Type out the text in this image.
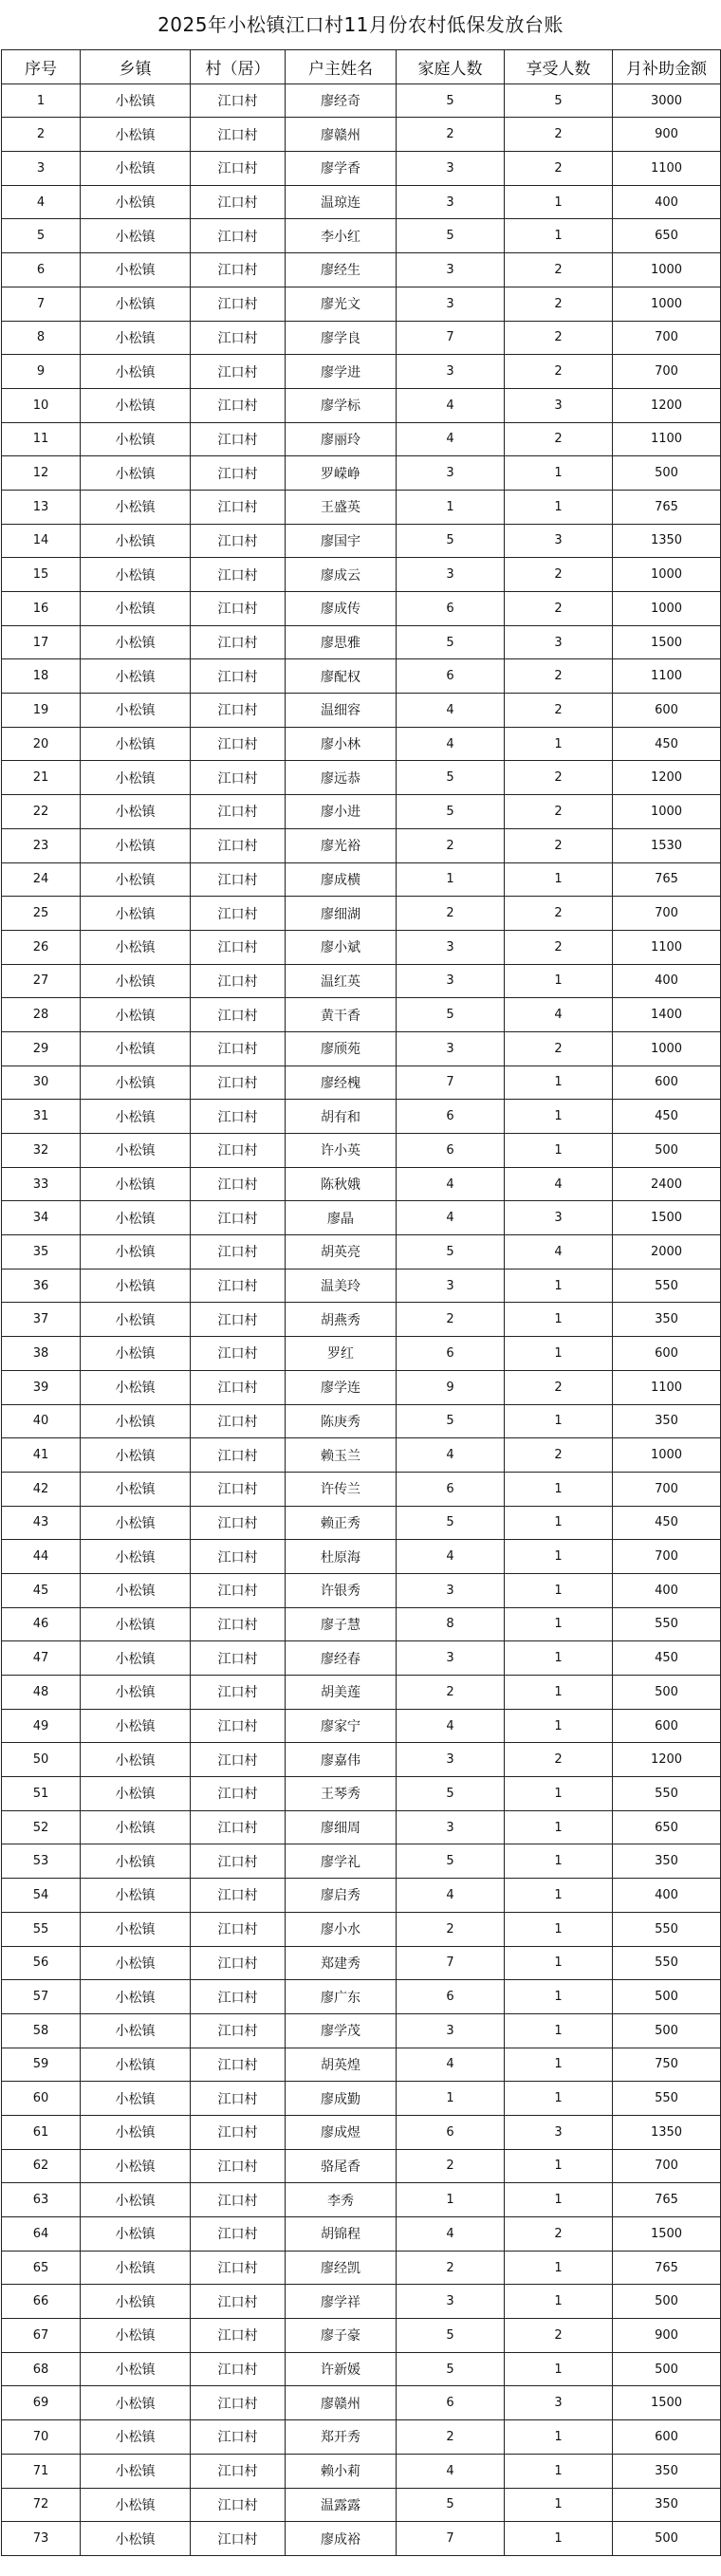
2025年小松镇江口村11月份农村低保发放台账
序号	乡镇	村（居）	户主姓名	家庭人数	享受人数	月补助金额
1	小松镇	江口村	廖经奇	5	5	3000
2	小松镇	江口村	廖赣州	2	2	900
3	小松镇	江口村	廖学香	3	2	1100
4	小松镇	江口村	温琼连	3	1	400
5	小松镇	江口村	李小红	5	1	650
6	小松镇	江口村	廖经生	3	2	1000
7	小松镇	江口村	廖光文	3	2	1000
8	小松镇	江口村	廖学良	7	2	700
9	小松镇	江口村	廖学进	3	2	700
10	小松镇	江口村	廖学标	4	3	1200
11	小松镇	江口村	廖丽玲	4	2	1100
12	小松镇	江口村	罗嵘峥	3	1	500
13	小松镇	江口村	王盛英	1	1	765
14	小松镇	江口村	廖国宇	5	3	1350
15	小松镇	江口村	廖成云	3	2	1000
16	小松镇	江口村	廖成传	6	2	1000
17	小松镇	江口村	廖思雅	5	3	1500
18	小松镇	江口村	廖配权	6	2	1100
19	小松镇	江口村	温细容	4	2	600
20	小松镇	江口村	廖小林	4	1	450
21	小松镇	江口村	廖远恭	5	2	1200
22	小松镇	江口村	廖小进	5	2	1000
23	小松镇	江口村	廖光裕	2	2	1530
24	小松镇	江口村	廖成横	1	1	765
25	小松镇	江口村	廖细湖	2	2	700
26	小松镇	江口村	廖小斌	3	2	1100
27	小松镇	江口村	温红英	3	1	400
28	小松镇	江口村	黄干香	5	4	1400
29	小松镇	江口村	廖颀苑	3	2	1000
30	小松镇	江口村	廖经槐	7	1	600
31	小松镇	江口村	胡有和	6	1	450
32	小松镇	江口村	许小英	6	1	500
33	小松镇	江口村	陈秋娥	4	4	2400
34	小松镇	江口村	廖晶	4	3	1500
35	小松镇	江口村	胡英亮	5	4	2000
36	小松镇	江口村	温美玲	3	1	550
37	小松镇	江口村	胡燕秀	2	1	350
38	小松镇	江口村	罗红	6	1	600
39	小松镇	江口村	廖学连	9	2	1100
40	小松镇	江口村	陈庚秀	5	1	350
41	小松镇	江口村	赖玉兰	4	2	1000
42	小松镇	江口村	许传兰	6	1	700
43	小松镇	江口村	赖正秀	5	1	450
44	小松镇	江口村	杜原海	4	1	700
45	小松镇	江口村	许银秀	3	1	400
46	小松镇	江口村	廖子慧	8	1	550
47	小松镇	江口村	廖经春	3	1	450
48	小松镇	江口村	胡美莲	2	1	500
49	小松镇	江口村	廖家宁	4	1	600
50	小松镇	江口村	廖嘉伟	3	2	1200
51	小松镇	江口村	王琴秀	5	1	550
52	小松镇	江口村	廖细周	3	1	650
53	小松镇	江口村	廖学礼	5	1	350
54	小松镇	江口村	廖启秀	4	1	400
55	小松镇	江口村	廖小水	2	1	550
56	小松镇	江口村	郑建秀	7	1	550
57	小松镇	江口村	廖广东	6	1	500
58	小松镇	江口村	廖学茂	3	1	500
59	小松镇	江口村	胡英煌	4	1	750
60	小松镇	江口村	廖成勤	1	1	550
61	小松镇	江口村	廖成煜	6	3	1350
62	小松镇	江口村	骆尾香	2	1	700
63	小松镇	江口村	李秀	1	1	765
64	小松镇	江口村	胡锦程	4	2	1500
65	小松镇	江口村	廖经凯	2	1	765
66	小松镇	江口村	廖学祥	3	1	500
67	小松镇	江口村	廖子豪	5	2	900
68	小松镇	江口村	许新媛	5	1	500
69	小松镇	江口村	廖赣州	6	3	1500
70	小松镇	江口村	郑开秀	2	1	600
71	小松镇	江口村	赖小莉	4	1	350
72	小松镇	江口村	温露露	5	1	350
73	小松镇	江口村	廖成裕	7	1	500
